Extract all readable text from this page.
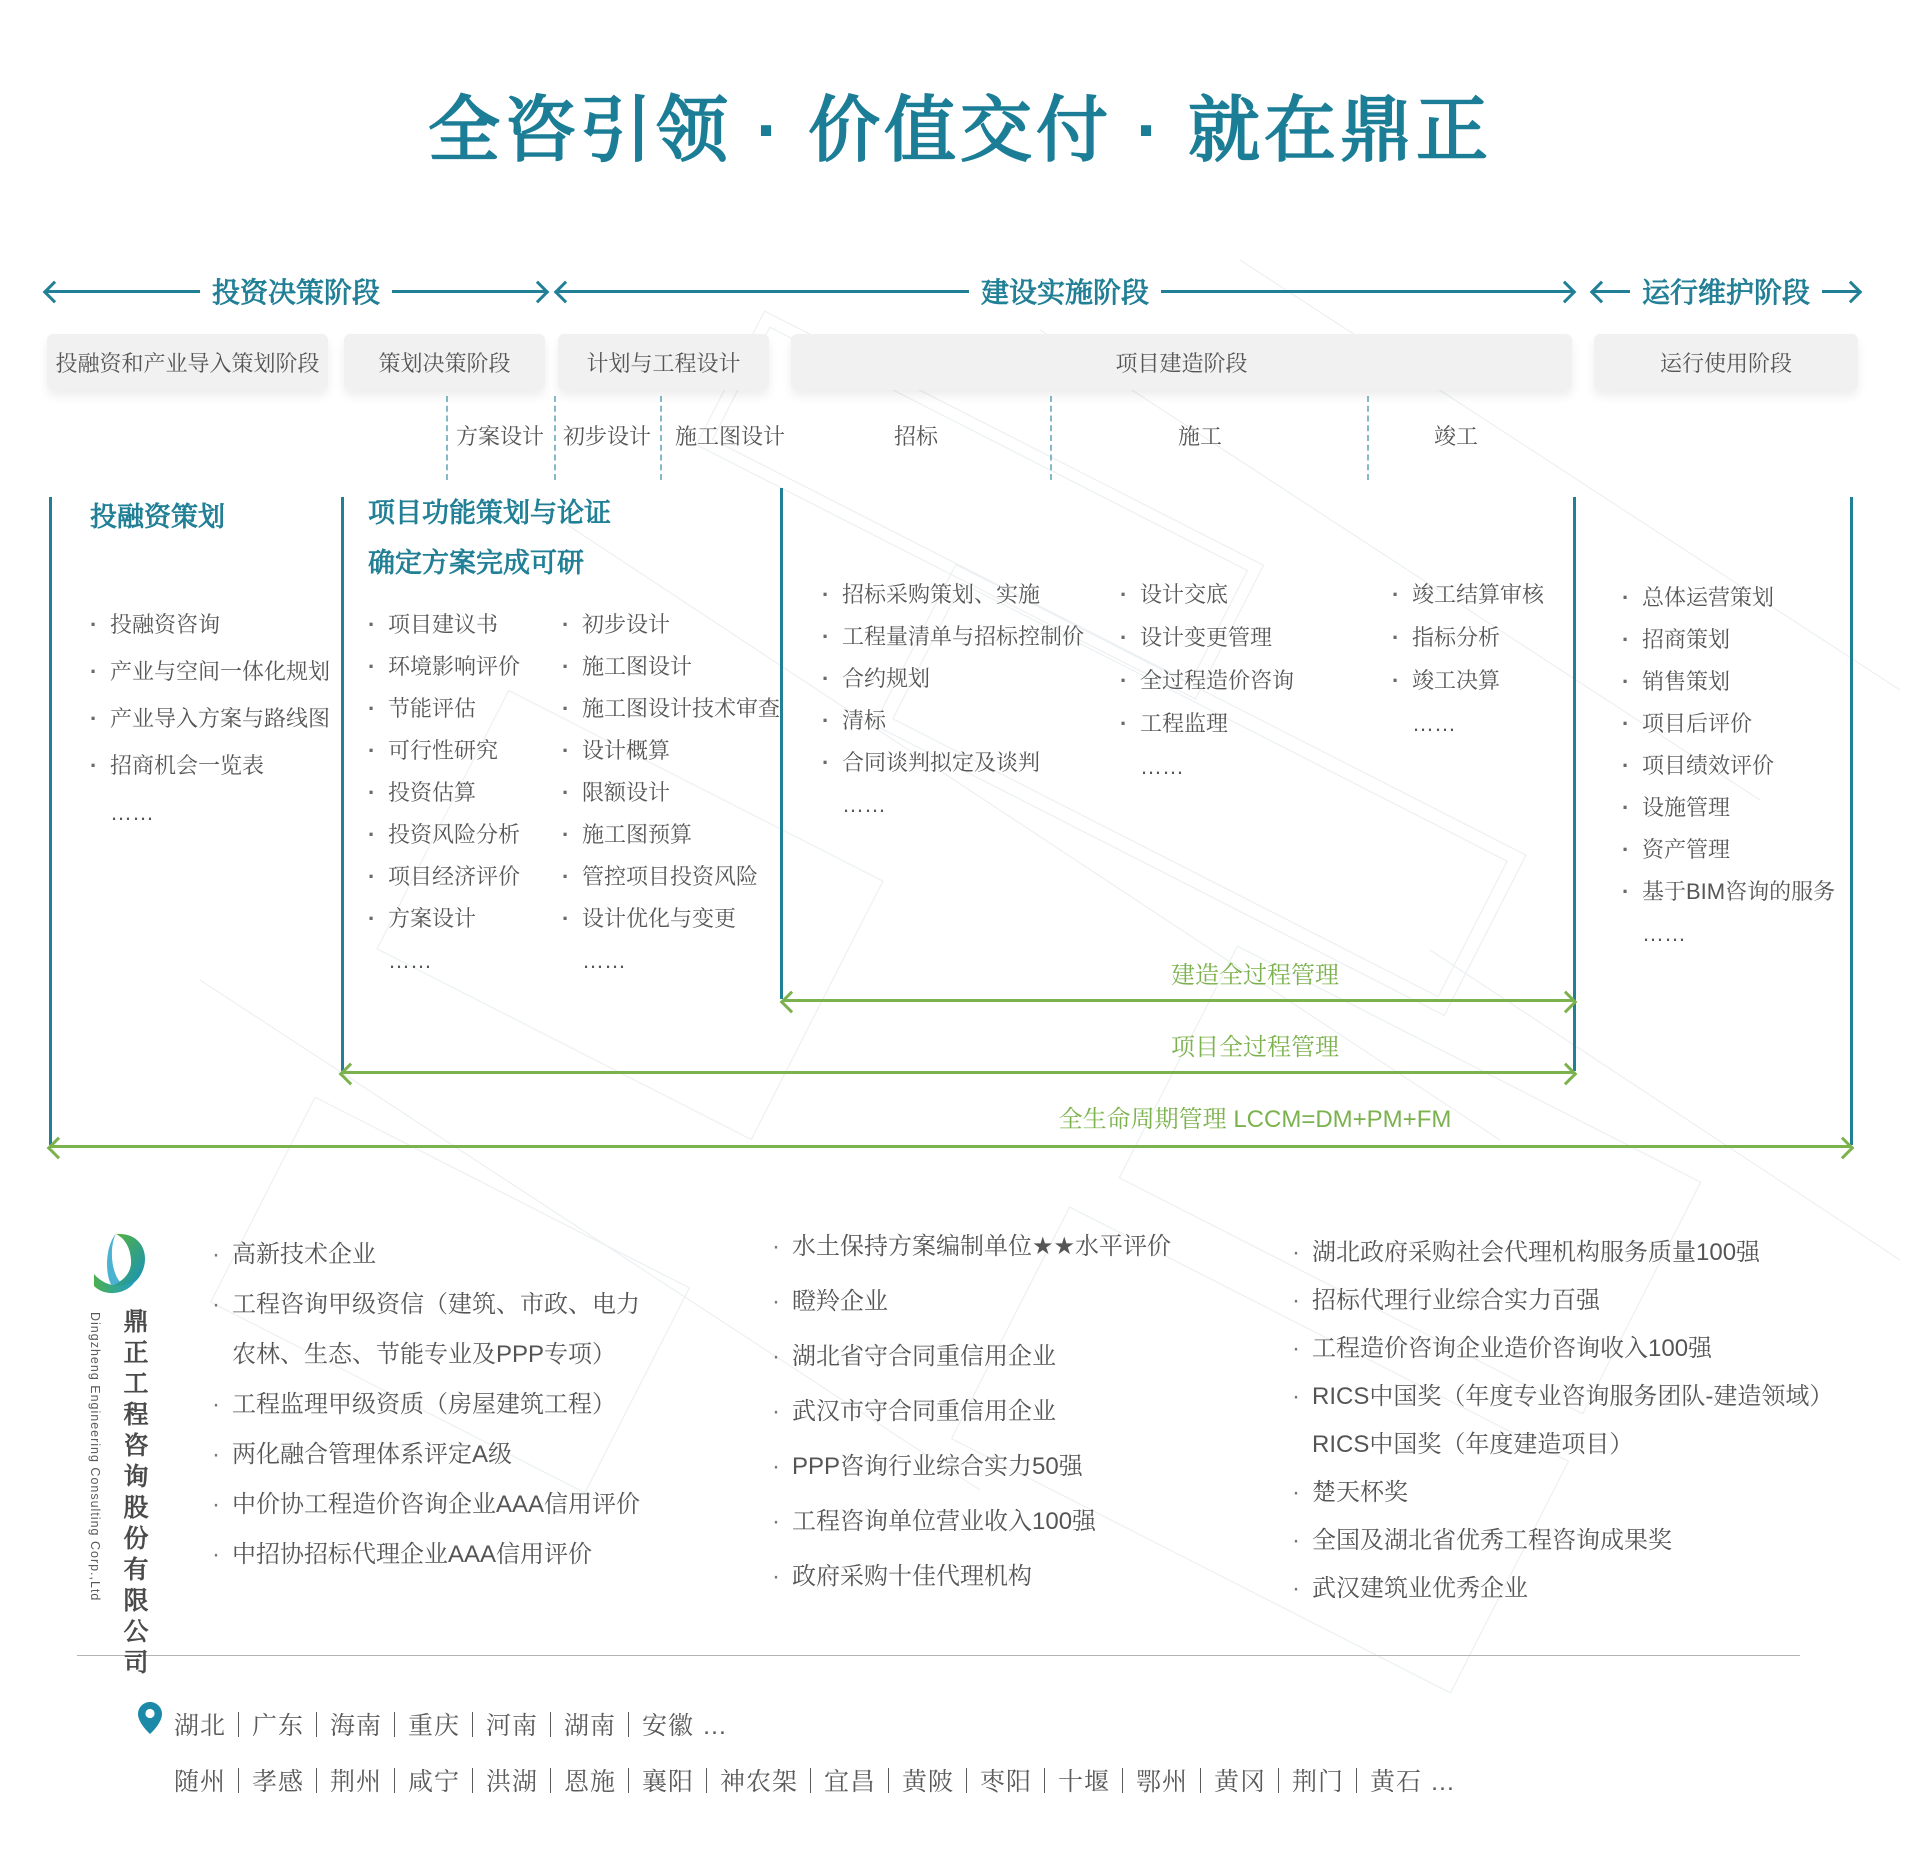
全咨引领 · 价值交付 · 就在鼎正
投资决策阶段	建设实施阶段	运行维护阶段
投融资和产业导入策划阶段	策划决策阶段	计划与工程设计	项目建造阶段	运行使用阶段
方案设计 初步设计 施工图设计	招标	施工	竣工
投融资策划	项目功能策划与论证
确定方案完成可研
· 投融资咨询
· 产业与空间一体化规划
· 产业导入方案与路线图
· 招商机会一览表
……
· 项目建议书
· 环境影响评价
· 节能评估
· 可行性研究
· 投资估算
· 投资风险分析
· 项目经济评价
· 方案设计
……
· 初步设计
· 施工图设计
· 施工图设计技术审查
· 设计概算
· 限额设计
· 施工图预算
· 管控项目投资风险
· 设计优化与变更
……
· 招标采购策划、实施
· 工程量清单与招标控制价
· 合约规划
· 清标
· 合同谈判拟定及谈判
……
· 设计交底
· 设计变更管理
· 全过程造价咨询
· 工程监理
……
· 竣工结算审核
· 指标分析
· 竣工决算
……
· 总体运营策划
· 招商策划
· 销售策划
· 项目后评价
· 项目绩效评价
· 设施管理
· 资产管理
· 基于BIM咨询的服务
……
建造全过程管理
项目全过程管理
全生命周期管理 LCCM=DM+PM+FM
鼎正工程咨询股份有限公司
Dingzheng Engineering Consulting Corp.,Ltd
· 高新技术企业
· 工程咨询甲级资信（建筑、市政、电力
农林、生态、节能专业及PPP专项）
· 工程监理甲级资质（房屋建筑工程）
· 两化融合管理体系评定A级
· 中价协工程造价咨询企业AAA信用评价
· 中招协招标代理企业AAA信用评价
· 水土保持方案编制单位★★水平评价
· 瞪羚企业
· 湖北省守合同重信用企业
· 武汉市守合同重信用企业
· PPP咨询行业综合实力50强
· 工程咨询单位营业收入100强
· 政府采购十佳代理机构
· 湖北政府采购社会代理机构服务质量100强
· 招标代理行业综合实力百强
· 工程造价咨询企业造价咨询收入100强
· RICS中国奖（年度专业咨询服务团队-建造领域）
RICS中国奖（年度建造项目）
· 楚天杯奖
· 全国及湖北省优秀工程咨询成果奖
· 武汉建筑业优秀企业
湖北｜广东｜海南｜重庆｜河南｜湖南｜安徽 …
随州｜孝感｜荆州｜咸宁｜洪湖｜恩施｜襄阳｜神农架｜宜昌｜黄陂｜枣阳｜十堰｜鄂州｜黄冈｜荆门｜黄石 …
